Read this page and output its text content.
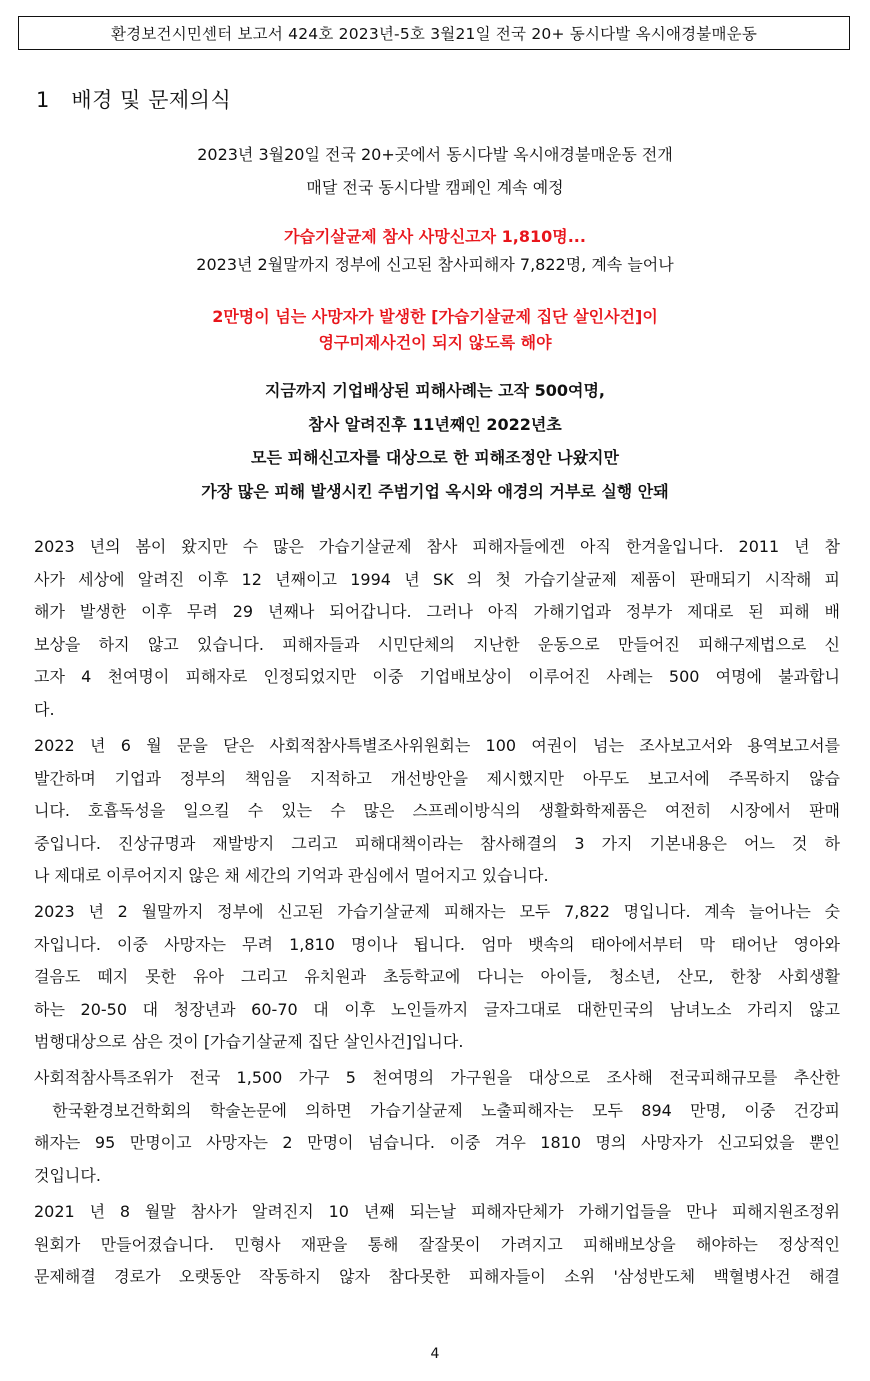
환경보건시민센터 보고서 424호 2023년-5호 3월21일 전국 20+ 동시다발 옥시애경불매운동
1   배경 및 문제의식
2023년 3월20일 전국 20+곳에서 동시다발 옥시애경불매운동 전개
매달 전국 동시다발 캠페인 계속 예정
가습기살균제 참사 사망신고자 1,810명...
2023년 2월말까지 정부에 신고된 참사피해자 7,822명, 계속 늘어나
2만명이 넘는 사망자가 발생한 [가습기살균제 집단 살인사건]이
영구미제사건이 되지 않도록 해야
지금까지 기업배상된 피해사례는 고작 500여명,
참사 알려진후 11년째인 2022년초
모든 피해신고자를 대상으로 한 피해조정안 나왔지만
가장 많은 피해 발생시킨 주범기업 옥시와 애경의 거부로 실행 안돼
2023 년의 봄이 왔지만 수 많은 가습기살균제 참사 피해자들에겐 아직 한겨울입니다. 2011 년 참
사가 세상에 알려진 이후 12 년째이고 1994 년 SK 의 첫 가습기살균제 제품이 판매되기 시작해 피
해가 발생한 이후 무려 29 년째나 되어갑니다. 그러나 아직 가해기업과 정부가 제대로 된 피해 배
보상을 하지 않고 있습니다. 피해자들과 시민단체의 지난한 운동으로 만들어진 피해구제법으로 신
고자 4 천여명이 피해자로 인정되었지만 이중 기업배보상이 이루어진 사례는 500 여명에 불과합니
다.
2022 년 6 월 문을 닫은 사회적참사특별조사위원회는 100 여권이 넘는 조사보고서와 용역보고서를
발간하며 기업과 정부의 책임을 지적하고 개선방안을 제시했지만 아무도 보고서에 주목하지 않습
니다. 호흡독성을 일으킬 수 있는 수 많은 스프레이방식의 생활화학제품은 여전히 시장에서 판매
중입니다. 진상규명과 재발방지 그리고 피해대책이라는 참사해결의 3 가지 기본내용은 어느 것 하
나 제대로 이루어지지 않은 채 세간의 기억과 관심에서 멀어지고 있습니다.
2023 년 2 월말까지 정부에 신고된 가습기살균제 피해자는 모두 7,822 명입니다. 계속 늘어나는 숫
자입니다. 이중 사망자는 무려 1,810 명이나 됩니다. 엄마 뱃속의 태아에서부터 막 태어난 영아와
걸음도 떼지 못한 유아 그리고 유치원과 초등학교에 다니는 아이들, 청소년, 산모, 한창 사회생활
하는 20-50 대 청장년과 60-70 대 이후 노인들까지 글자그대로 대한민국의 남녀노소 가리지 않고
범행대상으로 삼은 것이 [가습기살균제 집단 살인사건]입니다.
사회적참사특조위가 전국 1,500 가구 5 천여명의 가구원을 대상으로 조사해 전국피해규모를 추산한
한국환경보건학회의 학술논문에 의하면 가습기살균제 노출피해자는 모두 894 만명, 이중 건강피
해자는 95 만명이고 사망자는 2 만명이 넘습니다. 이중 겨우 1810 명의 사망자가 신고되었을 뿐인
것입니다.
2021 년 8 월말 참사가 알려진지 10 년째 되는날 피해자단체가 가해기업들을 만나 피해지원조정위
원회가 만들어졌습니다. 민형사 재판을 통해 잘잘못이 가려지고 피해배보상을 해야하는 정상적인
문제해결 경로가 오랫동안 작동하지 않자 참다못한 피해자들이 소위 '삼성반도체 백혈병사건 해결
4
